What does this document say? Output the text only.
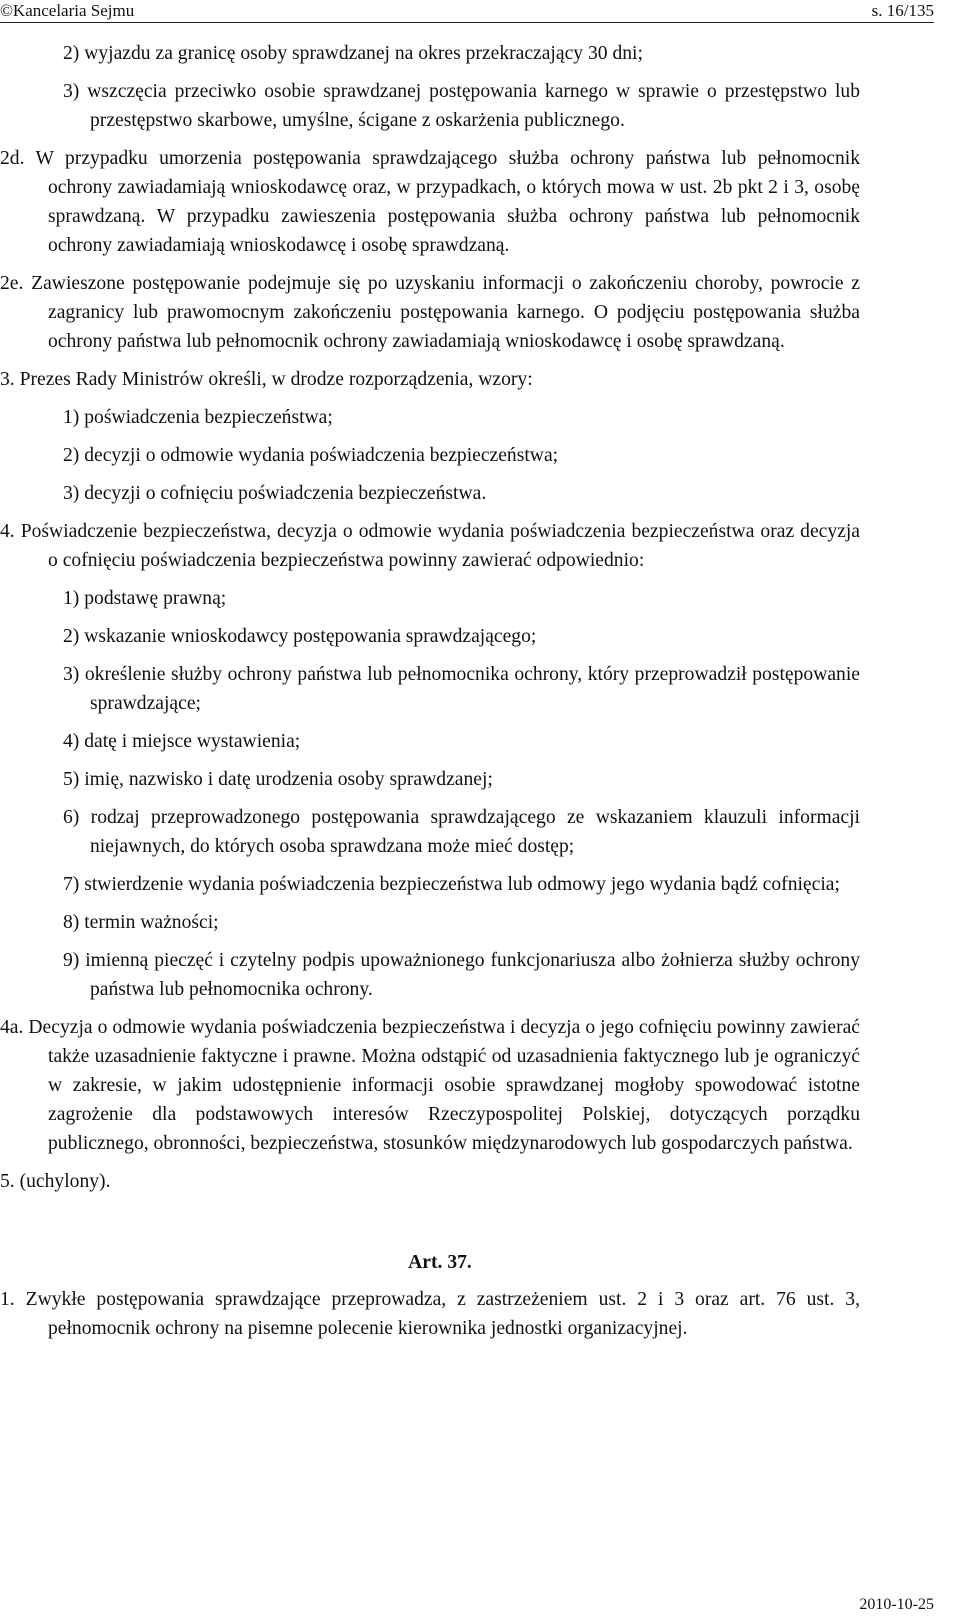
©Kancelaria Sejmu	s. 16/135

2) wyjazdu za granicę osoby sprawdzanej na okres przekraczający 30 dni;

3) wszczęcia przeciwko osobie sprawdzanej postępowania karnego w sprawie o przestępstwo lub przestępstwo skarbowe, umyślne, ścigane z oskarżenia publicznego.

2d. W przypadku umorzenia postępowania sprawdzającego służba ochrony państwa lub pełnomocnik ochrony zawiadamiają wnioskodawcę oraz, w przypadkach, o których mowa w ust. 2b pkt 2 i 3, osobę sprawdzaną. W przypadku zawieszenia postępowania służba ochrony państwa lub pełnomocnik ochrony zawiadamiają wnioskodawcę i osobę sprawdzaną.

2e. Zawieszone postępowanie podejmuje się po uzyskaniu informacji o zakończeniu choroby, powrocie z zagranicy lub prawomocnym zakończeniu postępowania karnego. O podjęciu postępowania służba ochrony państwa lub pełnomocnik ochrony zawiadamiają wnioskodawcę i osobę sprawdzaną.

3. Prezes Rady Ministrów określi, w drodze rozporządzenia, wzory:

1) poświadczenia bezpieczeństwa;

2) decyzji o odmowie wydania poświadczenia bezpieczeństwa;

3) decyzji o cofnięciu poświadczenia bezpieczeństwa.

4. Poświadczenie bezpieczeństwa, decyzja o odmowie wydania poświadczenia bezpieczeństwa oraz decyzja o cofnięciu poświadczenia bezpieczeństwa powinny zawierać odpowiednio:

1) podstawę prawną;

2) wskazanie wnioskodawcy postępowania sprawdzającego;

3) określenie służby ochrony państwa lub pełnomocnika ochrony, który przeprowadził postępowanie sprawdzające;

4) datę i miejsce wystawienia;

5) imię, nazwisko i datę urodzenia osoby sprawdzanej;

6) rodzaj przeprowadzonego postępowania sprawdzającego ze wskazaniem klauzuli informacji niejawnych, do których osoba sprawdzana może mieć dostęp;

7) stwierdzenie wydania poświadczenia bezpieczeństwa lub odmowy jego wydania bądź cofnięcia;

8) termin ważności;

9) imienną pieczęć i czytelny podpis upoważnionego funkcjonariusza albo żołnierza służby ochrony państwa lub pełnomocnika ochrony.

4a. Decyzja o odmowie wydania poświadczenia bezpieczeństwa i decyzja o jego cofnięciu powinny zawierać także uzasadnienie faktyczne i prawne. Można odstąpić od uzasadnienia faktycznego lub je ograniczyć w zakresie, w jakim udostępnienie informacji osobie sprawdzanej mogłoby spowodować istotne zagrożenie dla podstawowych interesów Rzeczypospolitej Polskiej, dotyczących porządku publicznego, obronności, bezpieczeństwa, stosunków międzynarodowych lub gospodarczych państwa.

5. (uchylony).

Art. 37.

1. Zwykłe postępowania sprawdzające przeprowadza, z zastrzeżeniem ust. 2 i 3 oraz art. 76 ust. 3, pełnomocnik ochrony na pisemne polecenie kierownika jednostki organizacyjnej.

2010-10-25
